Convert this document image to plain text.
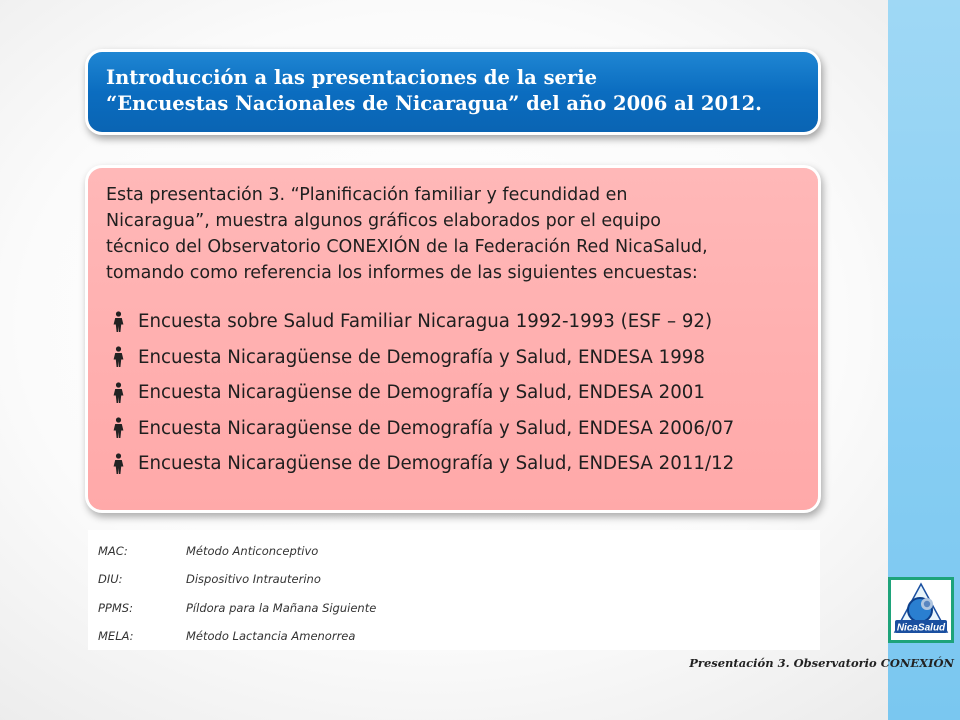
Introducción a las presentaciones de la serie
“Encuestas Nacionales de Nicaragua” del año 2006 al 2012.

Esta presentación 3. “Planificación familiar y fecundidad en
Nicaragua”, muestra algunos gráficos elaborados por el equipo
técnico del Observatorio CONEXIÓN de la Federación Red NicaSalud,
tomando como referencia los informes de las siguientes encuestas:

Encuesta sobre Salud Familiar Nicaragua 1992-1993 (ESF – 92)
Encuesta Nicaragüense de Demografía y Salud, ENDESA 1998
Encuesta Nicaragüense de Demografía y Salud, ENDESA 2001
Encuesta Nicaragüense de Demografía y Salud, ENDESA 2006/07
Encuesta Nicaragüense de Demografía y Salud, ENDESA 2011/12
MAC:	Método Anticonceptivo
DIU:	Dispositivo Intrauterino
PPMS:	Píldora para la Mañana Siguiente
MELA:	Método Lactancia Amenorrea
NicaSalud
Presentación 3. Observatorio CONEXIÓN
